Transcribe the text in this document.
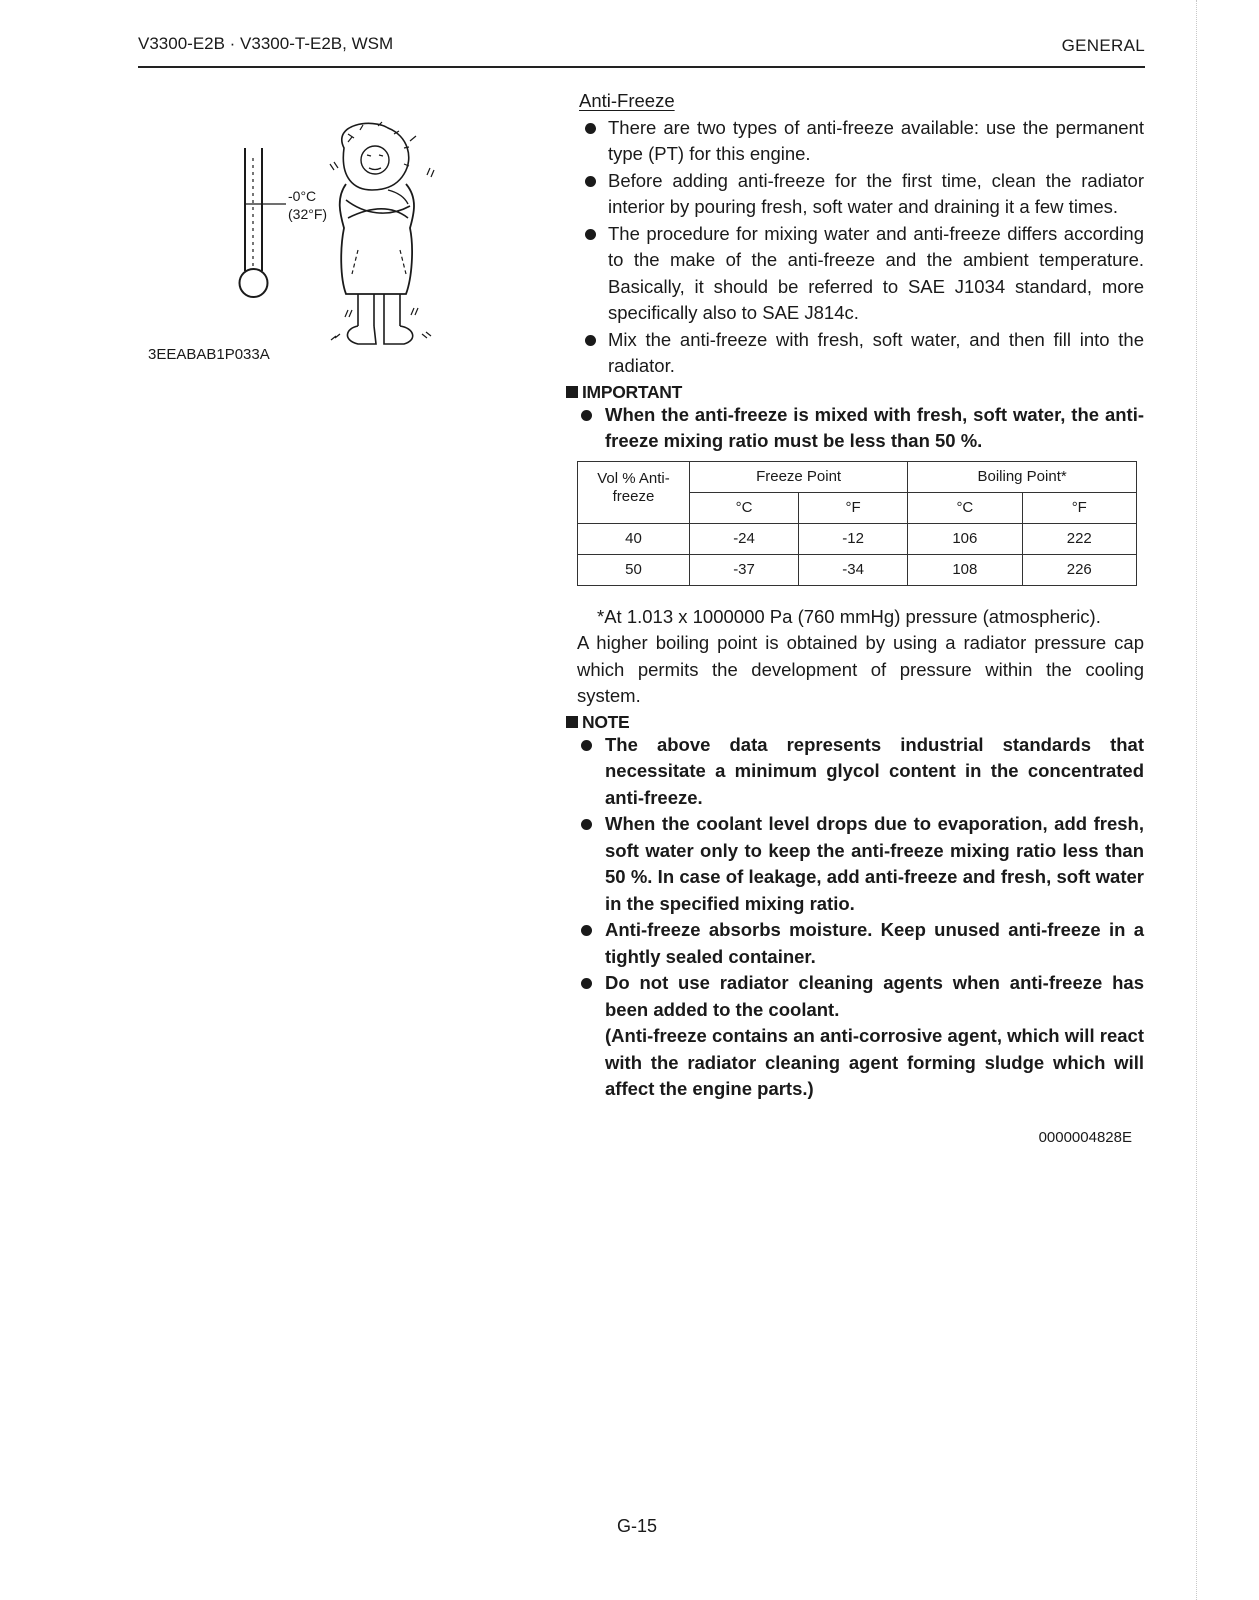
V3300-E2B · V3300-T-E2B, WSM	GENERAL
-0°C
(32°F)
3EEABAB1P033A
Anti-Freeze
There are two types of anti-freeze available: use the permanent type (PT) for this engine.
Before adding anti-freeze for the first time, clean the radiator interior by pouring fresh, soft water and draining it a few times.
The procedure for mixing water and anti-freeze differs according to the make of the anti-freeze and the ambient temperature. Basically, it should be referred to SAE J1034 standard, more specifically also to SAE J814c.
Mix the anti-freeze with fresh, soft water, and then fill into the radiator.
IMPORTANT
When the anti-freeze is mixed with fresh, soft water, the anti-freeze mixing ratio must be less than 50 %.
Vol % Anti-
freeze	Freeze Point		Boiling Point*	
	°C	°F	°C	°F
40	-24	-12	106	222
50	-37	-34	108	226

*At 1.013 x 1000000 Pa (760 mmHg) pressure (atmospheric).

A higher boiling point is obtained by using a radiator pressure cap which permits the development of pressure within the cooling system.

NOTE
The above data represents industrial standards that necessitate a minimum glycol content in the concentrated anti-freeze.
When the coolant level drops due to evaporation, add fresh, soft water only to keep the anti-freeze mixing ratio less than 50 %. In case of leakage, add anti-freeze and fresh, soft water in the specified mixing ratio.
Anti-freeze absorbs moisture. Keep unused anti-freeze in a tightly sealed container.
Do not use radiator cleaning agents when anti-freeze has been added to the coolant.
(Anti-freeze contains an anti-corrosive agent, which will react with the radiator cleaning agent forming sludge which will affect the engine parts.)
0000004828E
G-15
